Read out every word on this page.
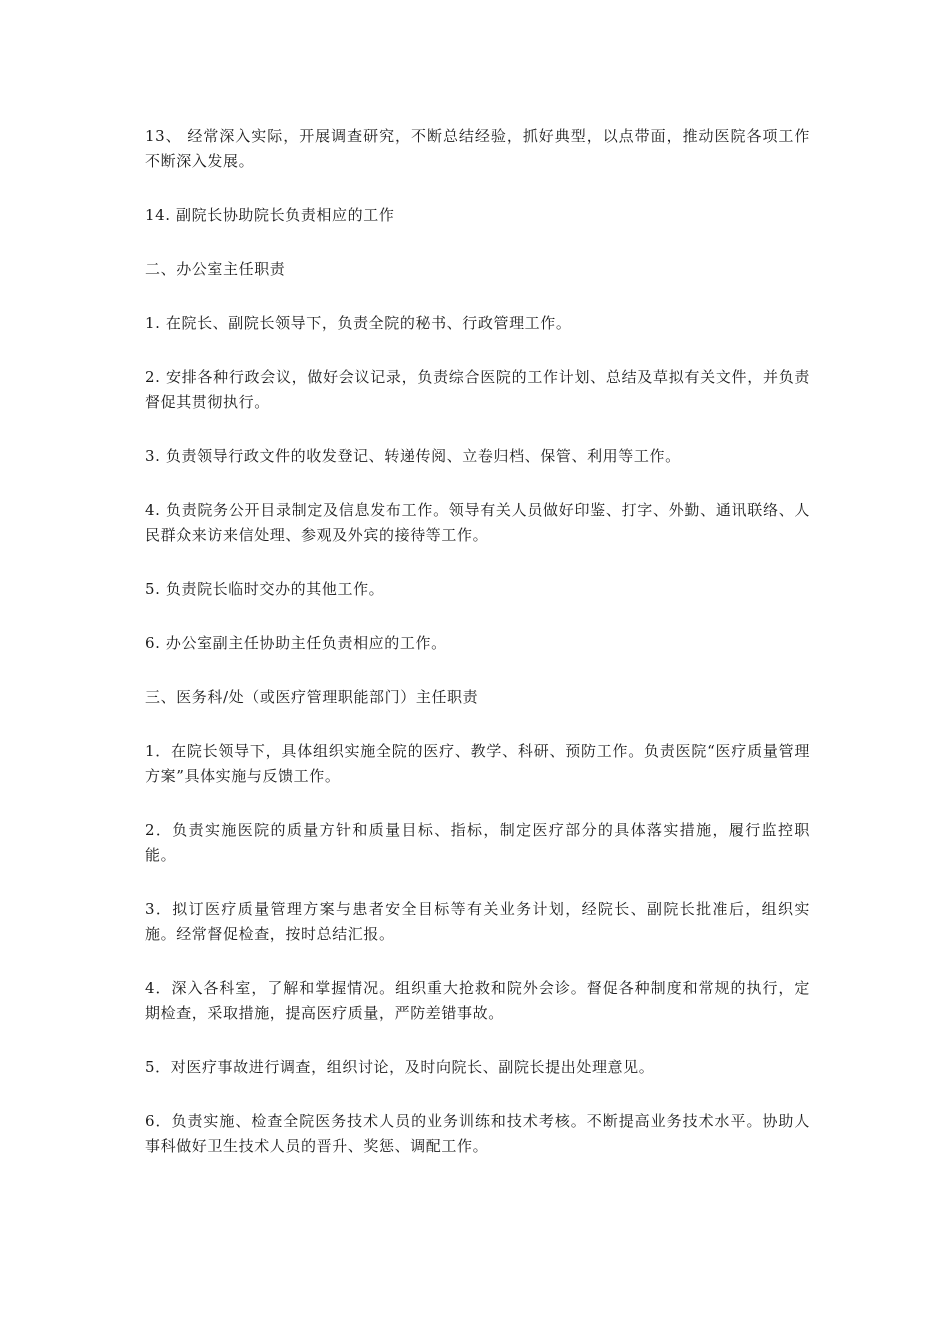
13、 经常深入实际，开展调查研究，不断总结经验，抓好典型，以点带面，推动医院各项工作不断深入发展。

14. 副院长协助院长负责相应的工作

二、办公室主任职责

1. 在院长、副院长领导下，负责全院的秘书、行政管理工作。

2. 安排各种行政会议，做好会议记录，负责综合医院的工作计划、总结及草拟有关文件，并负责督促其贯彻执行。

3. 负责领导行政文件的收发登记、转递传阅、立卷归档、保管、利用等工作。

4. 负责院务公开目录制定及信息发布工作。领导有关人员做好印鉴、打字、外勤、通讯联络、人民群众来访来信处理、参观及外宾的接待等工作。

5. 负责院长临时交办的其他工作。

6. 办公室副主任协助主任负责相应的工作。

三、医务科/处（或医疗管理职能部门）主任职责

1．在院长领导下，具体组织实施全院的医疗、教学、科研、预防工作。负责医院“医疗质量管理方案”具体实施与反馈工作。

2．负责实施医院的质量方针和质量目标、指标，制定医疗部分的具体落实措施，履行监控职能。

3．拟订医疗质量管理方案与患者安全目标等有关业务计划，经院长、副院长批准后，组织实施。经常督促检查，按时总结汇报。

4．深入各科室，了解和掌握情况。组织重大抢救和院外会诊。督促各种制度和常规的执行，定期检查，采取措施，提高医疗质量，严防差错事故。

5．对医疗事故进行调查，组织讨论，及时向院长、副院长提出处理意见。

6．负责实施、检查全院医务技术人员的业务训练和技术考核。不断提高业务技术水平。协助人事科做好卫生技术人员的晋升、奖惩、调配工作。
